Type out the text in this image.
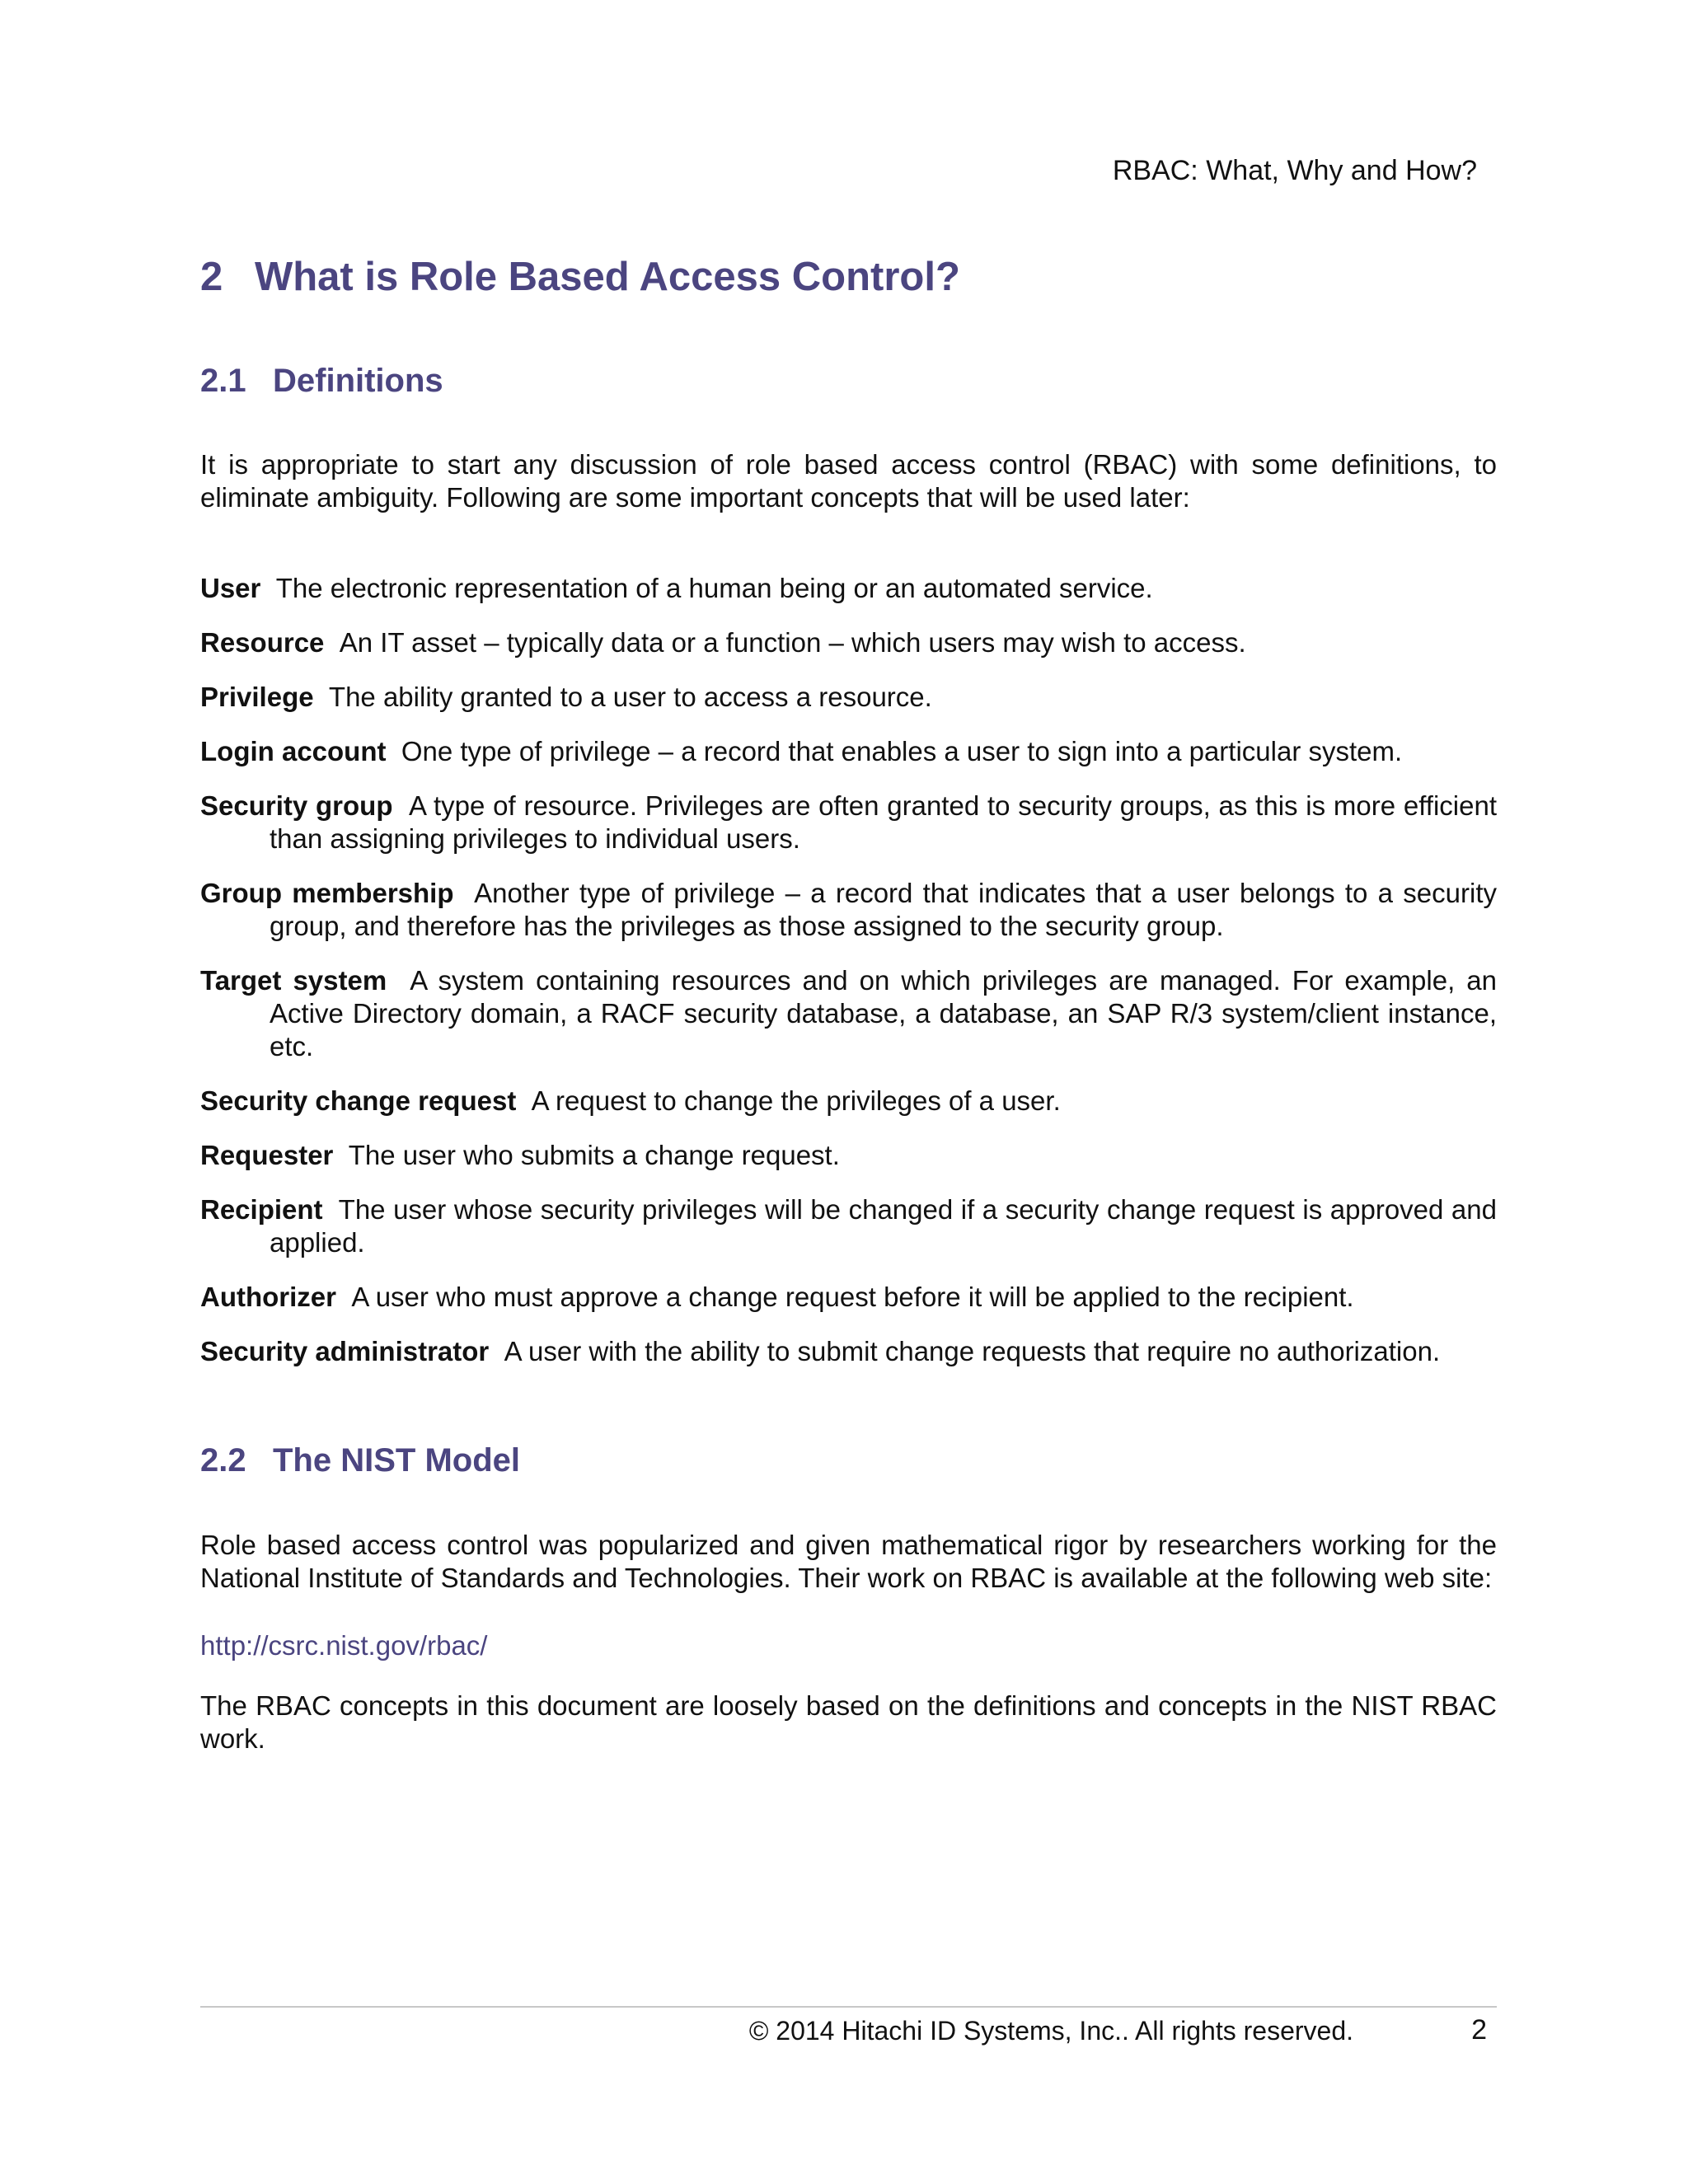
RBAC: What, Why and How?
2 What is Role Based Access Control?
2.1 Definitions

It is appropriate to start any discussion of role based access control (RBAC) with some definitions, to eliminate ambiguity. Following are some important concepts that will be used later:

User The electronic representation of a human being or an automated service.
Resource An IT asset – typically data or a function – which users may wish to access.
Privilege The ability granted to a user to access a resource.
Login account One type of privilege – a record that enables a user to sign into a particular system.
Security group A type of resource. Privileges are often granted to security groups, as this is more efficient than assigning privileges to individual users.
Group membership Another type of privilege – a record that indicates that a user belongs to a security group, and therefore has the privileges as those assigned to the security group.
Target system A system containing resources and on which privileges are managed. For example, an Active Directory domain, a RACF security database, a database, an SAP R/3 system/client instance, etc.
Security change request A request to change the privileges of a user.
Requester The user who submits a change request.
Recipient The user whose security privileges will be changed if a security change request is approved and applied.
Authorizer A user who must approve a change request before it will be applied to the recipient.
Security administrator A user with the ability to submit change requests that require no authorization.
2.2 The NIST Model

Role based access control was popularized and given mathematical rigor by researchers working for the National Institute of Standards and Technologies. Their work on RBAC is available at the following web site:

http://csrc.nist.gov/rbac/

The RBAC concepts in this document are loosely based on the definitions and concepts in the NIST RBAC work.

© 2014 Hitachi ID Systems, Inc.. All rights reserved.	2
